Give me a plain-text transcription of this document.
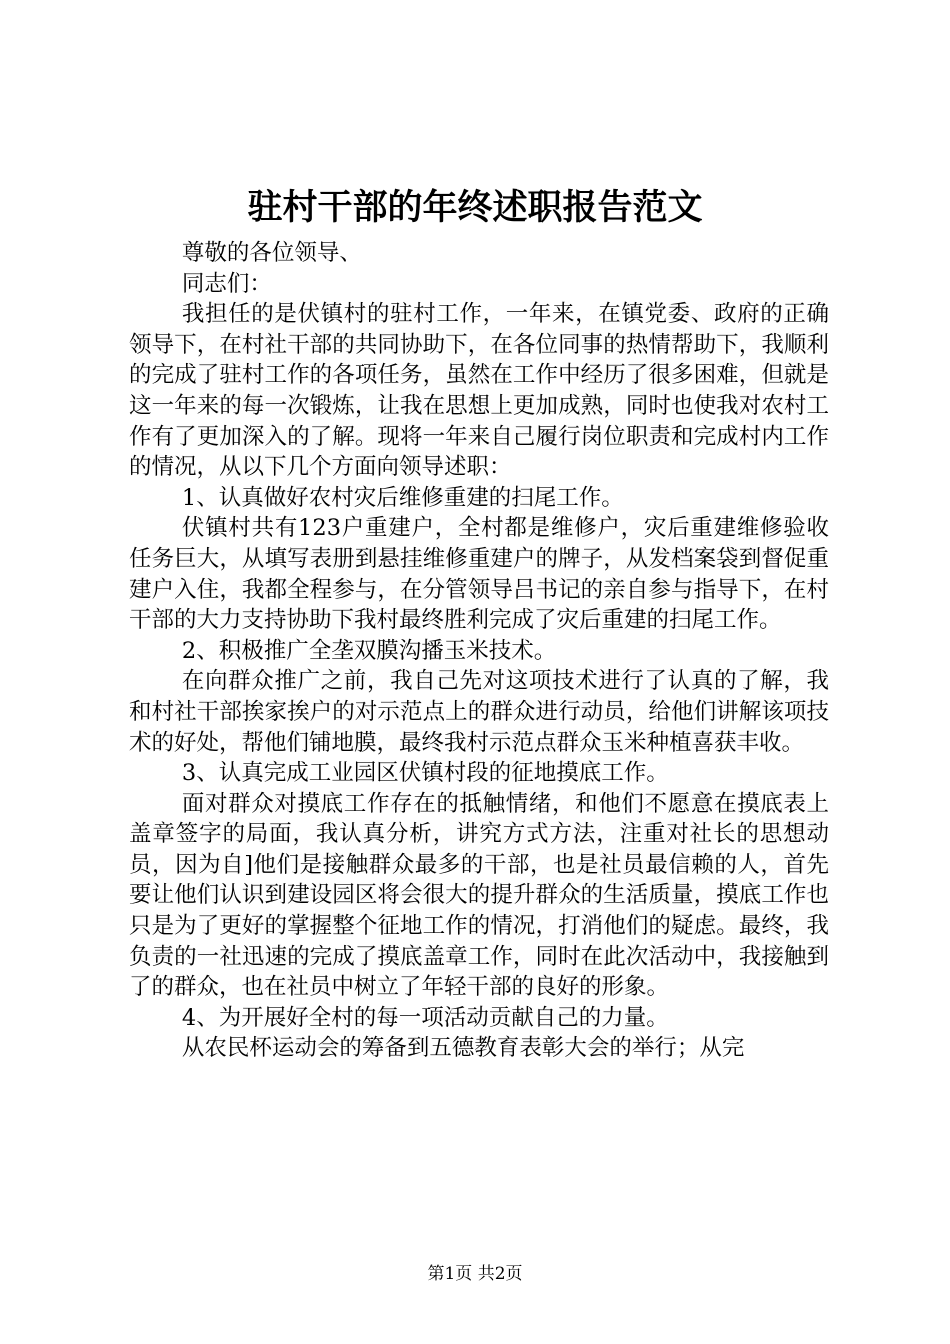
驻村干部的年终述职报告范文

尊敬的各位领导、

同志们：

我担任的是伏镇村的驻村工作，一年来，在镇党委、政府的正确领导下，在村社干部的共同协助下，在各位同事的热情帮助下，我顺利的完成了驻村工作的各项任务，虽然在工作中经历了很多困难，但就是这一年来的每一次锻炼，让我在思想上更加成熟，同时也使我对农村工作有了更加深入的了解。现将一年来自己履行岗位职责和完成村内工作的情况，从以下几个方面向领导述职：

1、认真做好农村灾后维修重建的扫尾工作。

伏镇村共有123户重建户，全村都是维修户，灾后重建维修验收任务巨大，从填写表册到悬挂维修重建户的牌子，从发档案袋到督促重建户入住，我都全程参与，在分管领导吕书记的亲自参与指导下，在村干部的大力支持协助下我村最终胜利完成了灾后重建的扫尾工作。

2、积极推广全垄双膜沟播玉米技术。

在向群众推广之前，我自己先对这项技术进行了认真的了解，我和村社干部挨家挨户的对示范点上的群众进行动员，给他们讲解该项技术的好处，帮他们铺地膜，最终我村示范点群众玉米种植喜获丰收。

3、认真完成工业园区伏镇村段的征地摸底工作。

面对群众对摸底工作存在的抵触情绪，和他们不愿意在摸底表上盖章签字的局面，我认真分析，讲究方式方法，注重对社长的思想动员，因为自]他们是接触群众最多的干部，也是社员最信赖的人，首先要让他们认识到建设园区将会很大的提升群众的生活质量，摸底工作也只是为了更好的掌握整个征地工作的情况，打消他们的疑虑。最终，我负责的一社迅速的完成了摸底盖章工作，同时在此次活动中，我接触到了的群众，也在社员中树立了年轻干部的良好的形象。

4、为开展好全村的每一项活动贡献自己的力量。

从农民杯运动会的筹备到五德教育表彰大会的举行；从完

第1页 共2页
